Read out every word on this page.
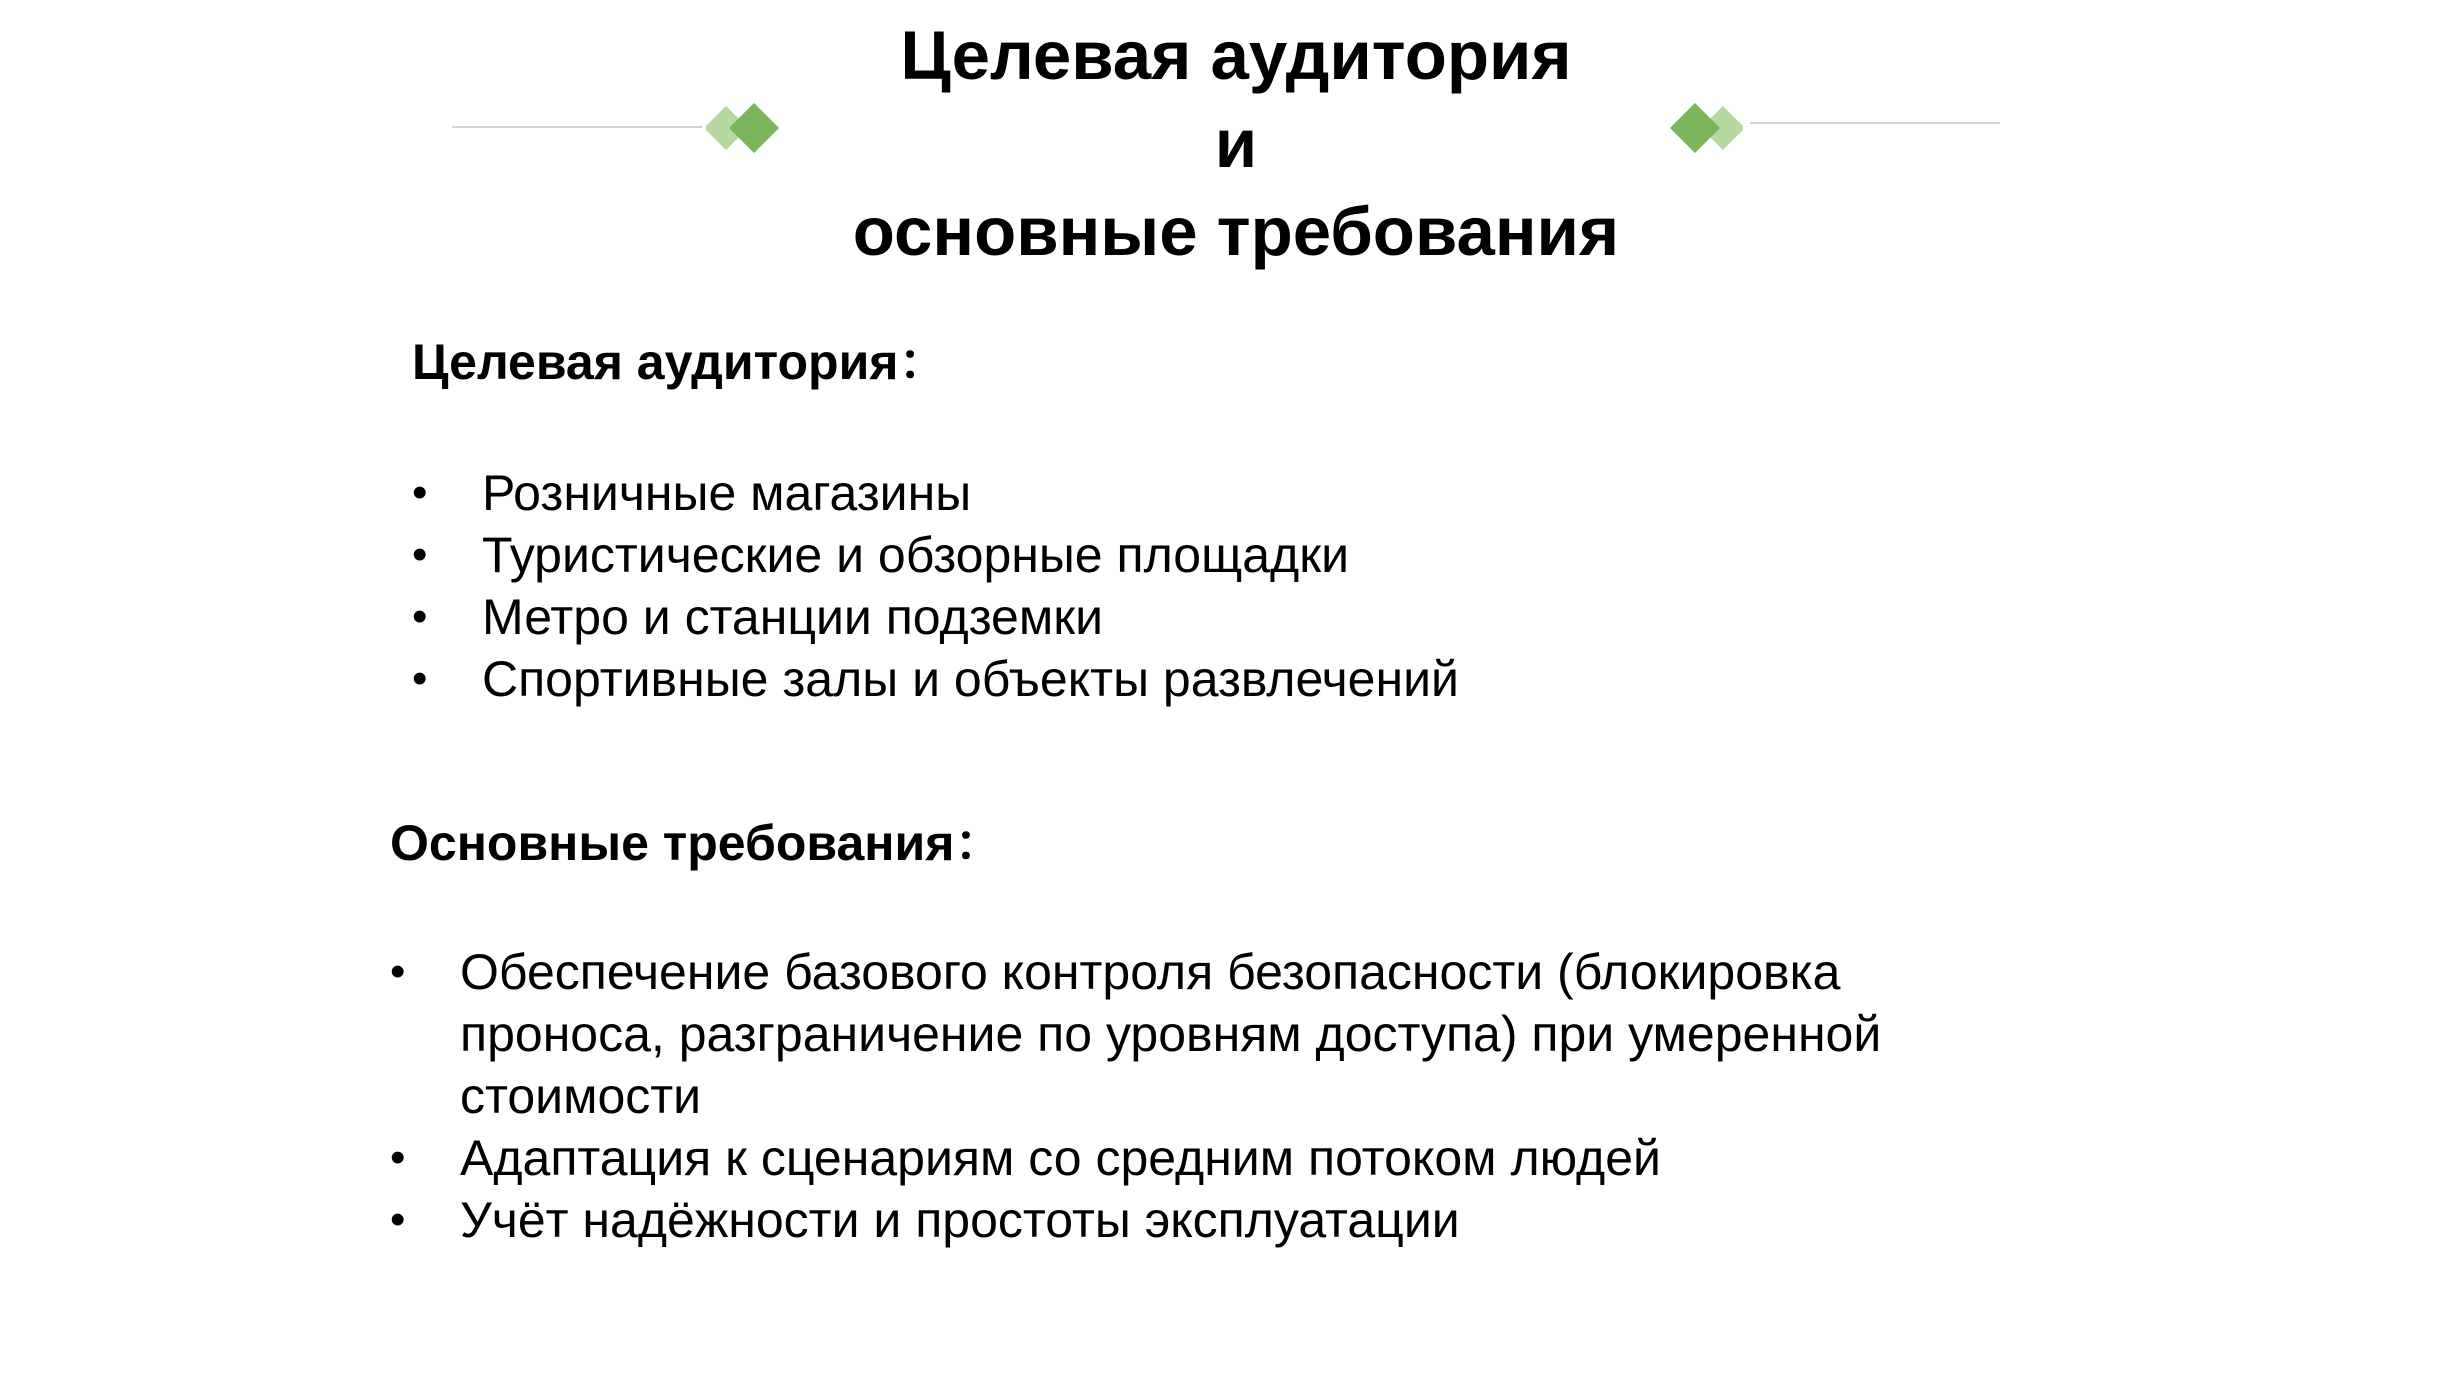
Целевая аудитория
и
основные требования
Целевая аудитория：
•	Розничные магазины
•	Туристические и обзорные площадки
•	Метро и станции подземки
•	Спортивные залы и объекты развлечений
Основные требования：
•	Обеспечение базового контроля безопасности (блокировка проноса, разграничение по уровням доступа) при умеренной стоимости
•	Адаптация к сценариям со средним потоком людей
•	Учёт надёжности и простоты эксплуатации
